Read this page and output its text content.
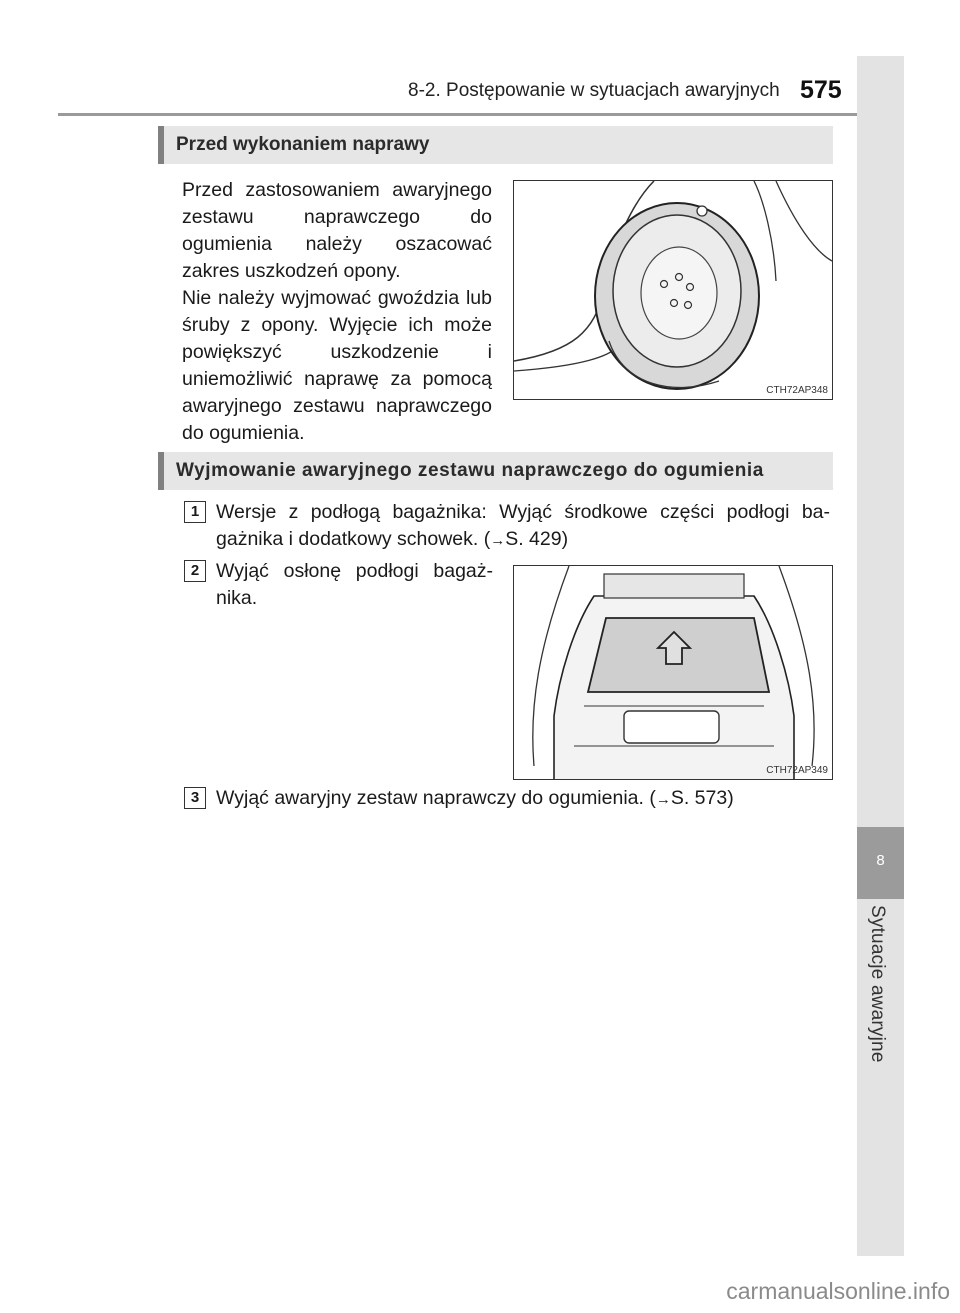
8-2. Postępowanie w sytuacjach awaryjnych 575
8
Sytuacje awaryjne
Przed wykonaniem naprawy

Przed zastosowaniem awaryjnego zestawu naprawczego do ogumienia należy oszacować zakres uszkodzeń opony.

Nie należy wyjmować gwoździa lub śruby z opony. Wyjęcie ich może powiększyć uszkodzenie i uniemożliwić naprawę za pomocą awaryjnego zestawu naprawczego do ogumienia.

CTH72AP348
Wyjmowanie awaryjnego zestawu naprawczego do ogumienia
1 Wersje z podłogą bagażnika: Wyjąć środkowe części podłogi ba-

gażnika i dodatkowy schowek. (→S. 429)

2 Wyjąć osłonę podłogi bagaż-

nika.

CTH72AP349
3 Wyjąć awaryjny zestaw naprawczy do ogumienia. (→S. 573)

carmanualsonline.info
